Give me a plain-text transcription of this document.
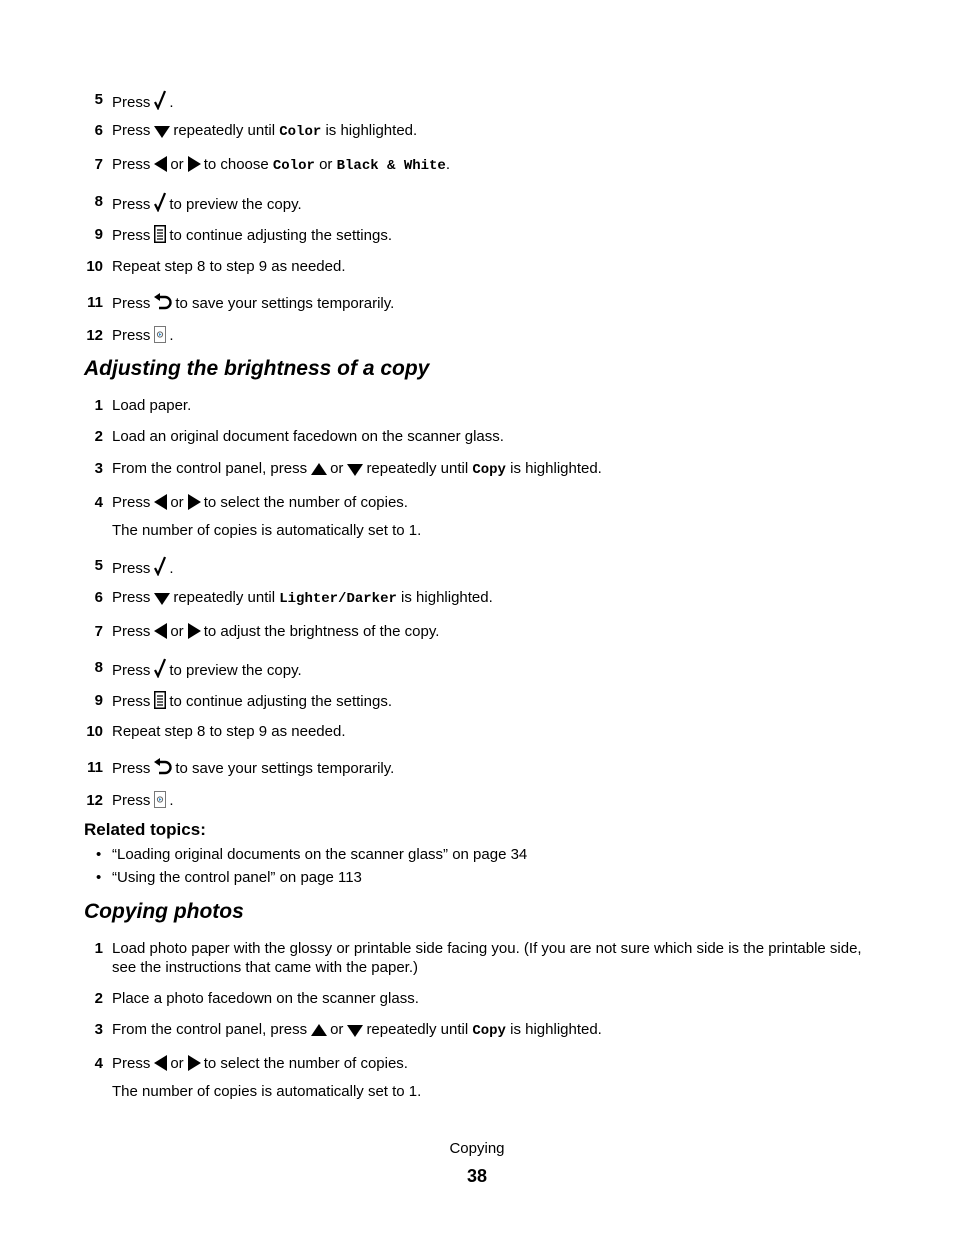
5 Press .
6 Press repeatedly until Color is highlighted.
7 Press or to choose Color or Black & White.
8 Press to preview the copy.
9 Press to continue adjusting the settings.
10 Repeat step 8 to step 9 as needed.
11 Press to save your settings temporarily.
12 Press .
Adjusting the brightness of a copy
1 Load paper.
2 Load an original document facedown on the scanner glass.
3 From the control panel, press or repeatedly until Copy is highlighted.
4 Press or to select the number of copies.
The number of copies is automatically set to 1.
5 Press .
6 Press repeatedly until Lighter/Darker is highlighted.
7 Press or to adjust the brightness of the copy.
8 Press to preview the copy.
9 Press to continue adjusting the settings.
10 Repeat step 8 to step 9 as needed.
11 Press to save your settings temporarily.
12 Press .
Related topics:
• “Loading original documents on the scanner glass” on page 34
• “Using the control panel” on page 113
Copying photos
1 Load photo paper with the glossy or printable side facing you. (If you are not sure which side is the printable side, see the instructions that came with the paper.)
2 Place a photo facedown on the scanner glass.
3 From the control panel, press or repeatedly until Copy is highlighted.
4 Press or to select the number of copies.
The number of copies is automatically set to 1.
Copying
38
